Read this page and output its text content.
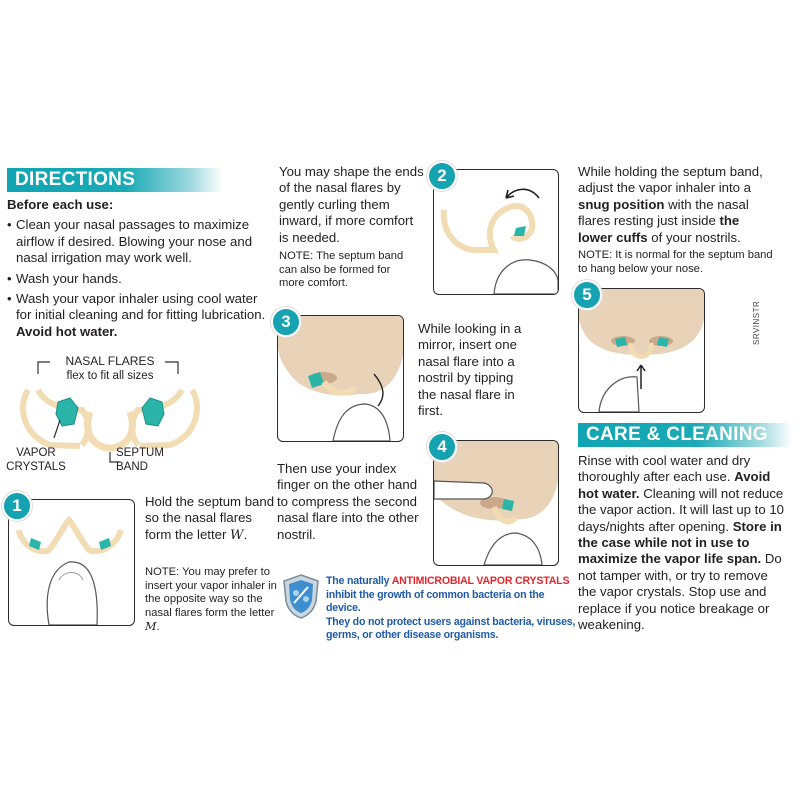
DIRECTIONS
Before each use:
• Clean your nasal passages to maximize airflow if desired. Blowing your nose and nasal irrigation may work well.
• Wash your hands.
• Wash your vapor inhaler using cool water for initial cleaning and for fitting lubrication. Avoid hot water.
NASAL FLARES
flex to fit all sizes
VAPOR
CRYSTALS
SEPTUM
BAND
1	Hold the septum band so the nasal flares form the letter W.
NOTE: You may prefer to insert your vapor inhaler in the opposite way so the nasal flares form the letter M.
You may shape the ends of the nasal flares by gently curling them inward, if more comfort is needed.
NOTE: The septum band can also be formed for more comfort.
2
3	While looking in a mirror, insert one nasal flare into a nostril by tipping the nasal flare in first.
4
Then use your index finger on the other hand to compress the second nasal flare into the other nostril.
The naturally ANTIMICROBIAL VAPOR CRYSTALS
inhibit the growth of common bacteria on the device.
They do not protect users against bacteria, viruses,
germs, or other disease organisms.
While holding the septum band, adjust the vapor inhaler into a snug position with the nasal flares resting just inside the lower cuffs of your nostrils.
NOTE: It is normal for the septum band to hang below your nose.
5
SRVINSTR
CARE & CLEANING
Rinse with cool water and dry thoroughly after each use. Avoid hot water. Cleaning will not reduce the vapor action. It will last up to 10 days/nights after opening. Store in the case while not in use to maximize the vapor life span. Do not tamper with, or try to remove the vapor crystals. Stop use and replace if you notice breakage or weakening.
